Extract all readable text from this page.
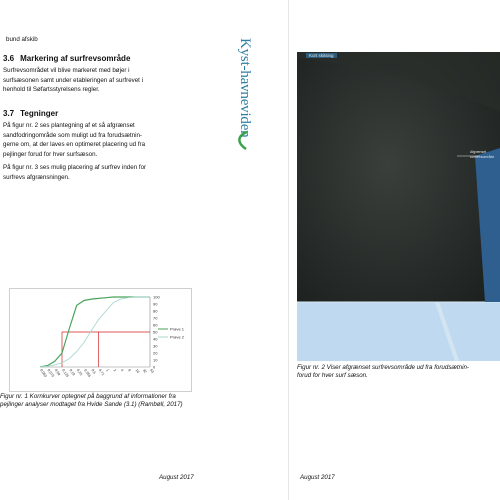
bund afskib
3.6 Markering af surfrevsområde
Surfrevsområdet vil blive markeret med bøjer i
surfsæsonen samt under etableringen af surfrevet i
henhold til Søfartsstyrelsens regler.
3.7 Tegninger
På figur nr. 2 ses plantegning af et så afgrænset
sandfodringområde som muligt ud fra forudsætnin-
gerne om, at der laves en optimeret placering ud fra
pejlinger forud for hver surfsæson.
På figur nr. 3 ses mulig placering af surfrev inden for
surfrevs afgrænsningen.
Kyst-havneviden
0
10
20
30
40
50
60
70
80
90
100
0,063
0,075
0,09 0,125
0,18 0,25 0,355
0,5 0,71 1 2 4 8 16 32 63
Prøve 1
Prøve 2
Figur nr. 1 Kornkurver optegnet på baggrund af informationer fra
pejlinger analyser modtaget fra Hvide Sande (3.1) (Rambøll, 2017)
August 2017
Kort skitsing
Afgrænset surfrevsområde
Figur nr. 2 Viser afgrænset surfrevsområde ud fra forudsætnin-
forud for hver surf sæson.
August 2017
